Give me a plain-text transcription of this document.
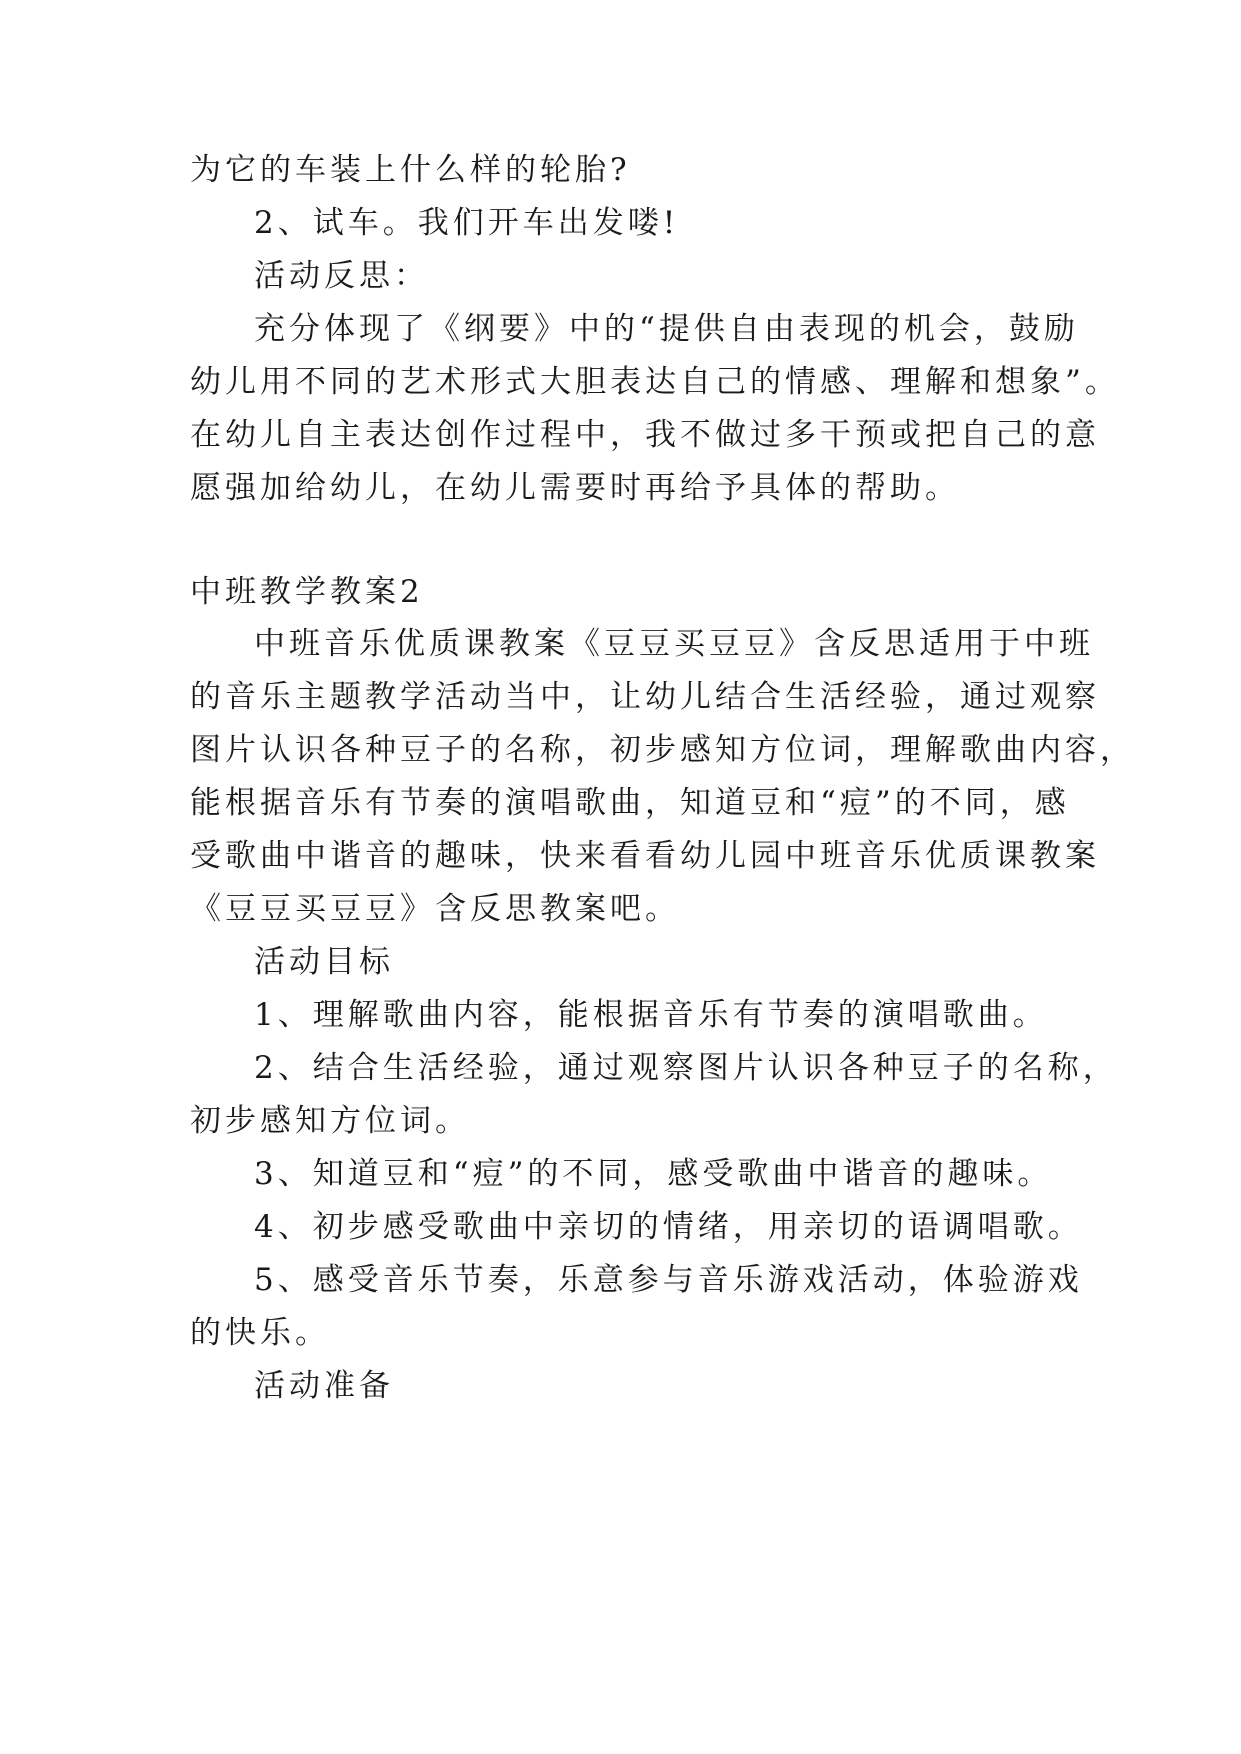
为它的车装上什么样的轮胎?
2、试车。我们开车出发喽!
活动反思：
充分体现了《纲要》中的“提供自由表现的机会，鼓励
幼儿用不同的艺术形式大胆表达自己的情感、理解和想象”。
在幼儿自主表达创作过程中，我不做过多干预或把自己的意
愿强加给幼儿，在幼儿需要时再给予具体的帮助。
中班教学教案2
中班音乐优质课教案《豆豆买豆豆》含反思适用于中班
的音乐主题教学活动当中，让幼儿结合生活经验，通过观察
图片认识各种豆子的名称，初步感知方位词，理解歌曲内容，
能根据音乐有节奏的演唱歌曲，知道豆和“痘”的不同，感
受歌曲中谐音的趣味，快来看看幼儿园中班音乐优质课教案
《豆豆买豆豆》含反思教案吧。
活动目标
1、理解歌曲内容，能根据音乐有节奏的演唱歌曲。
2、结合生活经验，通过观察图片认识各种豆子的名称，
初步感知方位词。
3、知道豆和“痘”的不同，感受歌曲中谐音的趣味。
4、初步感受歌曲中亲切的情绪，用亲切的语调唱歌。
5、感受音乐节奏，乐意参与音乐游戏活动，体验游戏
的快乐。
活动准备
